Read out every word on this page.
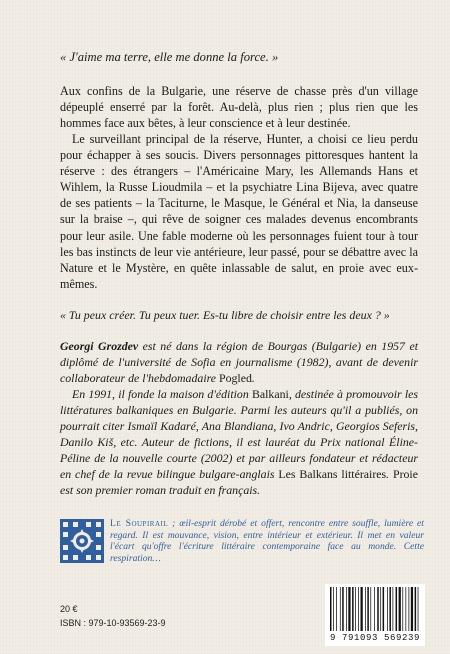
« J'aime ma terre, elle me donne la force. »

Aux confins de la Bulgarie, une réserve de chasse près d'un village dépeuplé enserré par la forêt. Au-delà, plus rien ; plus rien que les hommes face aux bêtes, à leur conscience et à leur destinée.

Le surveillant principal de la réserve, Hunter, a choisi ce lieu perdu pour échapper à ses soucis. Divers personnages pittoresques hantent la réserve : des étrangers – l'Américaine Mary, les Allemands Hans et Wihlem, la Russe Lioudmila – et la psychiatre Lina Bijeva, avec quatre de ses patients – la Taciturne, le Masque, le Général et Nia, la danseuse sur la braise –, qui rêve de soigner ces malades devenus encombrants pour leur asile. Une fable moderne où les personnages fuient tour à tour les bas instincts de leur vie antérieure, leur passé, pour se débattre avec la Nature et le Mystère, en quête inlassable de salut, en proie avec eux-mêmes.

« Tu peux créer. Tu peux tuer. Es-tu libre de choisir entre les deux ? »

Georgi Grozdev est né dans la région de Bourgas (Bulgarie) en 1957 et diplômé de l'université de Sofia en journalisme (1982), avant de devenir collaborateur de l'hebdomadaire Pogled.

En 1991, il fonde la maison d'édition Balkani, destinée à promouvoir les littératures balkaniques en Bulgarie. Parmi les auteurs qu'il a publiés, on pourrait citer Ismaïl Kadaré, Ana Blandiana, Ivo Andric, Georgios Seferis, Danilo Kiš, etc. Auteur de fictions, il est lauréat du Prix national Éline-Péline de la nouvelle courte (2002) et par ailleurs fondateur et rédacteur en chef de la revue bilingue bulgare-anglais Les Balkans littéraires. Proie est son premier roman traduit en français.

Le Soupirail ; œil-esprit dérobé et offert, rencontre entre souffle, lumière et regard. Il est mouvance, vision, entre intérieur et extérieur. Il met en valeur l'écart qu'offre l'écriture littéraire contemporaine face au monde. Cette respiration…
20 €
ISBN : 979-10-93569-23-9
9 791093 569239
